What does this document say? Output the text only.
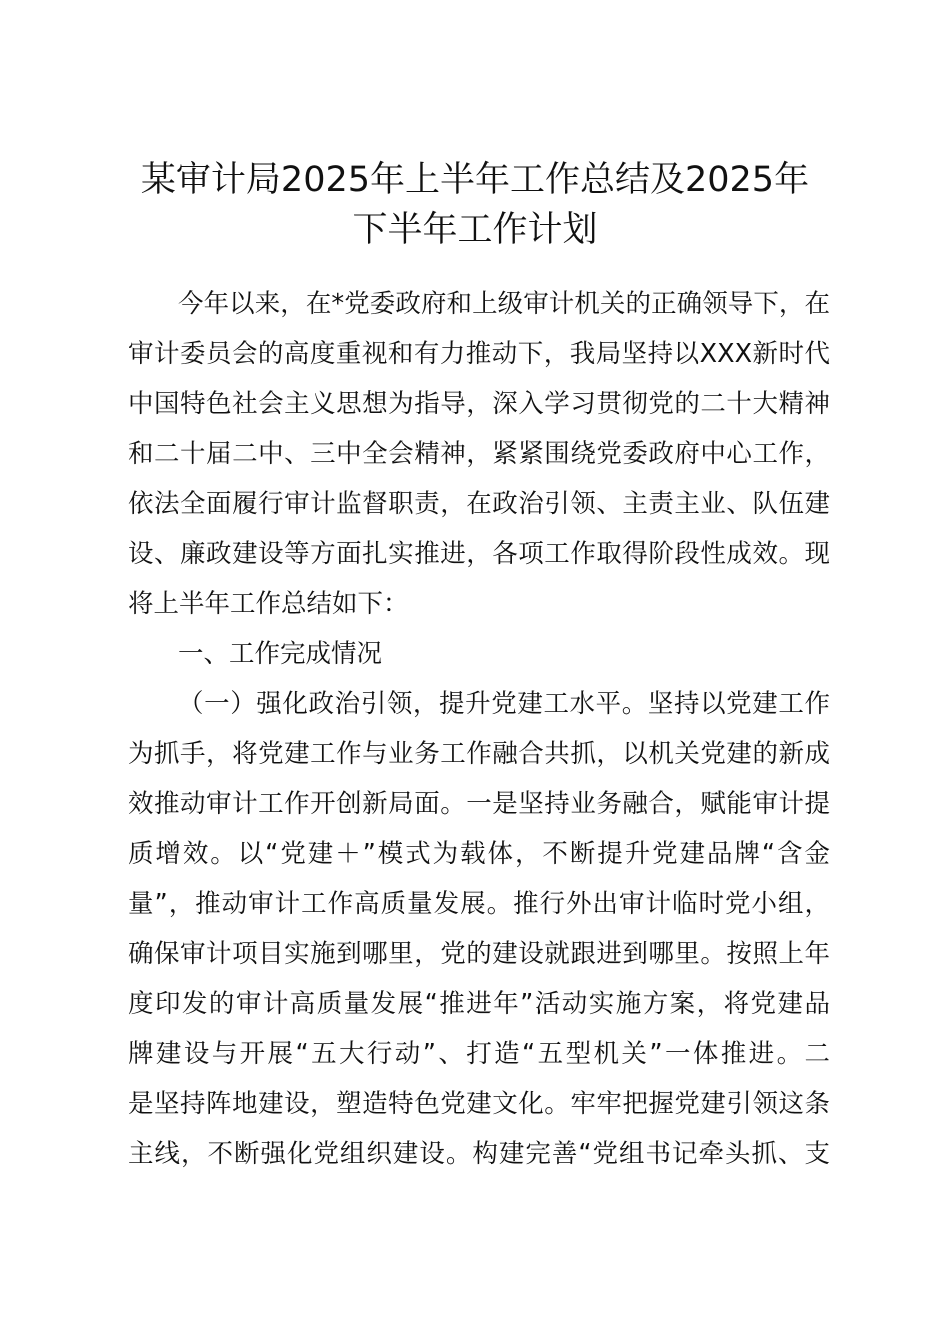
某审计局2025年上半年工作总结及2025年
下半年工作计划
今年以来，在*党委政府和上级审计机关的正确领导下，在
审计委员会的高度重视和有力推动下，我局坚持以XXX新时代
中国特色社会主义思想为指导，深入学习贯彻党的二十大精神
和二十届二中、三中全会精神，紧紧围绕党委政府中心工作，
依法全面履行审计监督职责，在政治引领、主责主业、队伍建
设、廉政建设等方面扎实推进，各项工作取得阶段性成效。现
将上半年工作总结如下：
一、工作完成情况
（一）强化政治引领，提升党建工水平。坚持以党建工作
为抓手，将党建工作与业务工作融合共抓，以机关党建的新成
效推动审计工作开创新局面。一是坚持业务融合，赋能审计提
质增效。以“党建＋”模式为载体，不断提升党建品牌“含金
量”，推动审计工作高质量发展。推行外出审计临时党小组，
确保审计项目实施到哪里，党的建设就跟进到哪里。按照上年
度印发的审计高质量发展“推进年”活动实施方案，将党建品
牌建设与开展“五大行动”、打造“五型机关”一体推进。二
是坚持阵地建设，塑造特色党建文化。牢牢把握党建引领这条
主线，不断强化党组织建设。构建完善“党组书记牵头抓、支
